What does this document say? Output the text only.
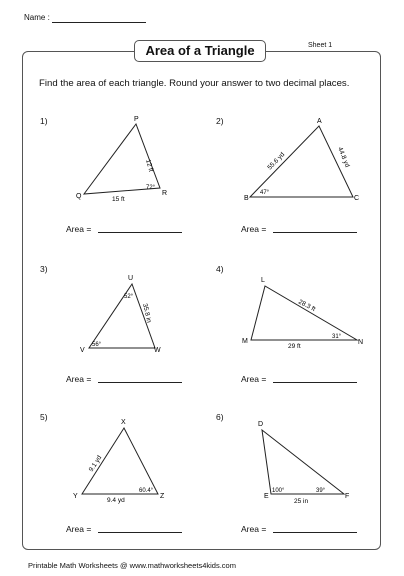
Name :
Sheet 1
Area of a Triangle
Find the area of each triangle. Round your answer to two decimal places.
1)	P
Q	R
12 ft
15 ft
72°
Area =
2)	A
B	C
55.6 yd	44.8 yd
47°
Area =
3)
U
V	W
52°
35.8 in
56°
Area =
4)
L
M	N
28.3 ft
29 ft
31°
Area =
5)
X
Y	Z
9.1 yd
9.4 yd
60.4°
Area =
6)
D
E	F
100°	39°
25 in
Area =
Printable Math Worksheets @ www.mathworksheets4kids.com
